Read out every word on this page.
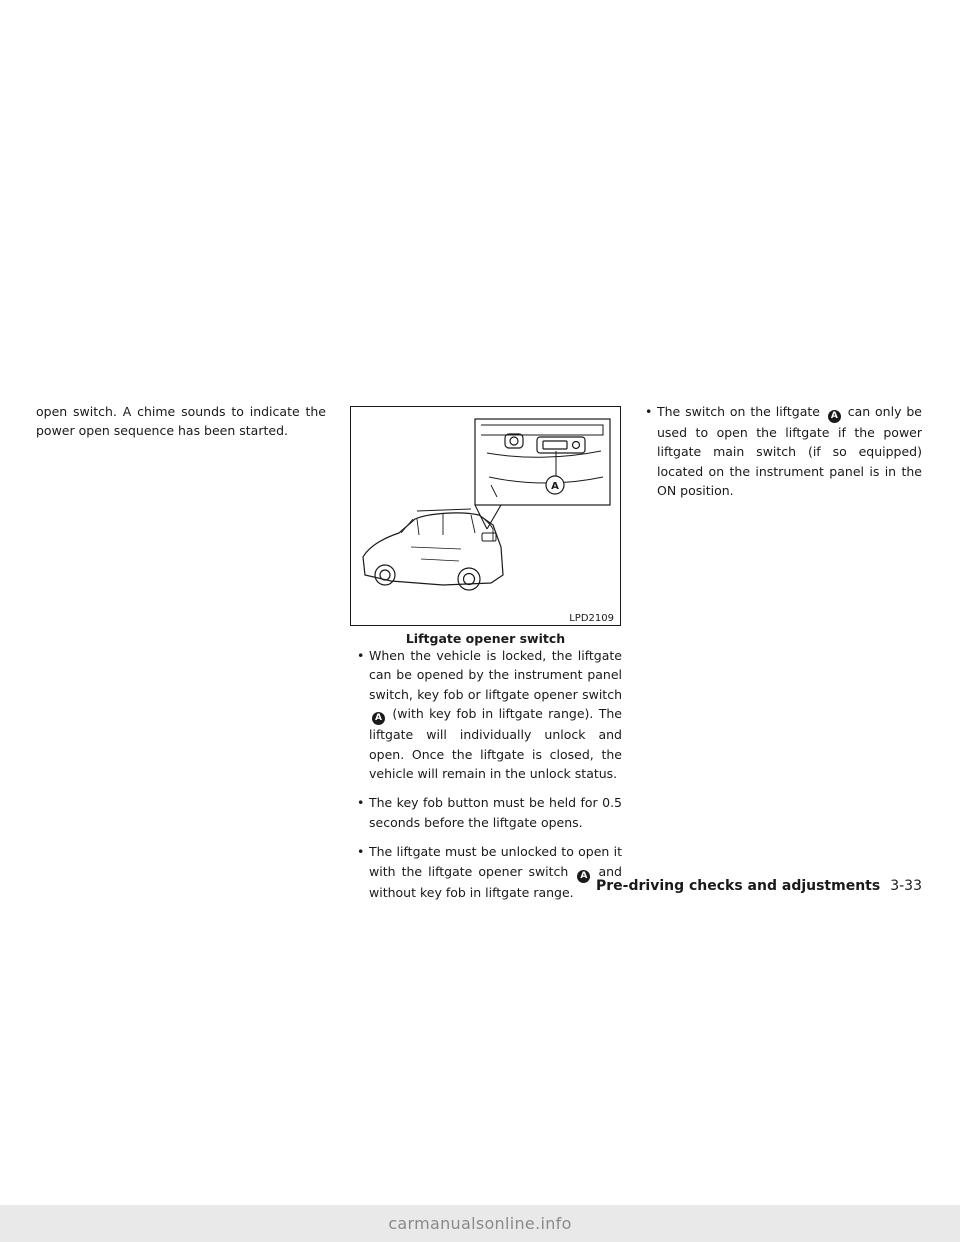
open switch. A chime sounds to indicate the power open sequence has been started.
A
LPD2109
Liftgate opener switch
• When the vehicle is locked, the liftgate can be opened by the instrument panel switch, key fob or liftgate opener switch A (with key fob in liftgate range). The liftgate will individually unlock and open. Once the liftgate is closed, the vehicle will remain in the unlock status.
• The key fob button must be held for 0.5 seconds before the liftgate opens.
• The liftgate must be unlocked to open it with the liftgate opener switch A and without key fob in liftgate range.
• The switch on the liftgate A can only be used to open the liftgate if the power liftgate main switch (if so equipped) located on the instrument panel is in the ON position.
Pre-driving checks and adjustments 3-33
carmanualsonline.info
